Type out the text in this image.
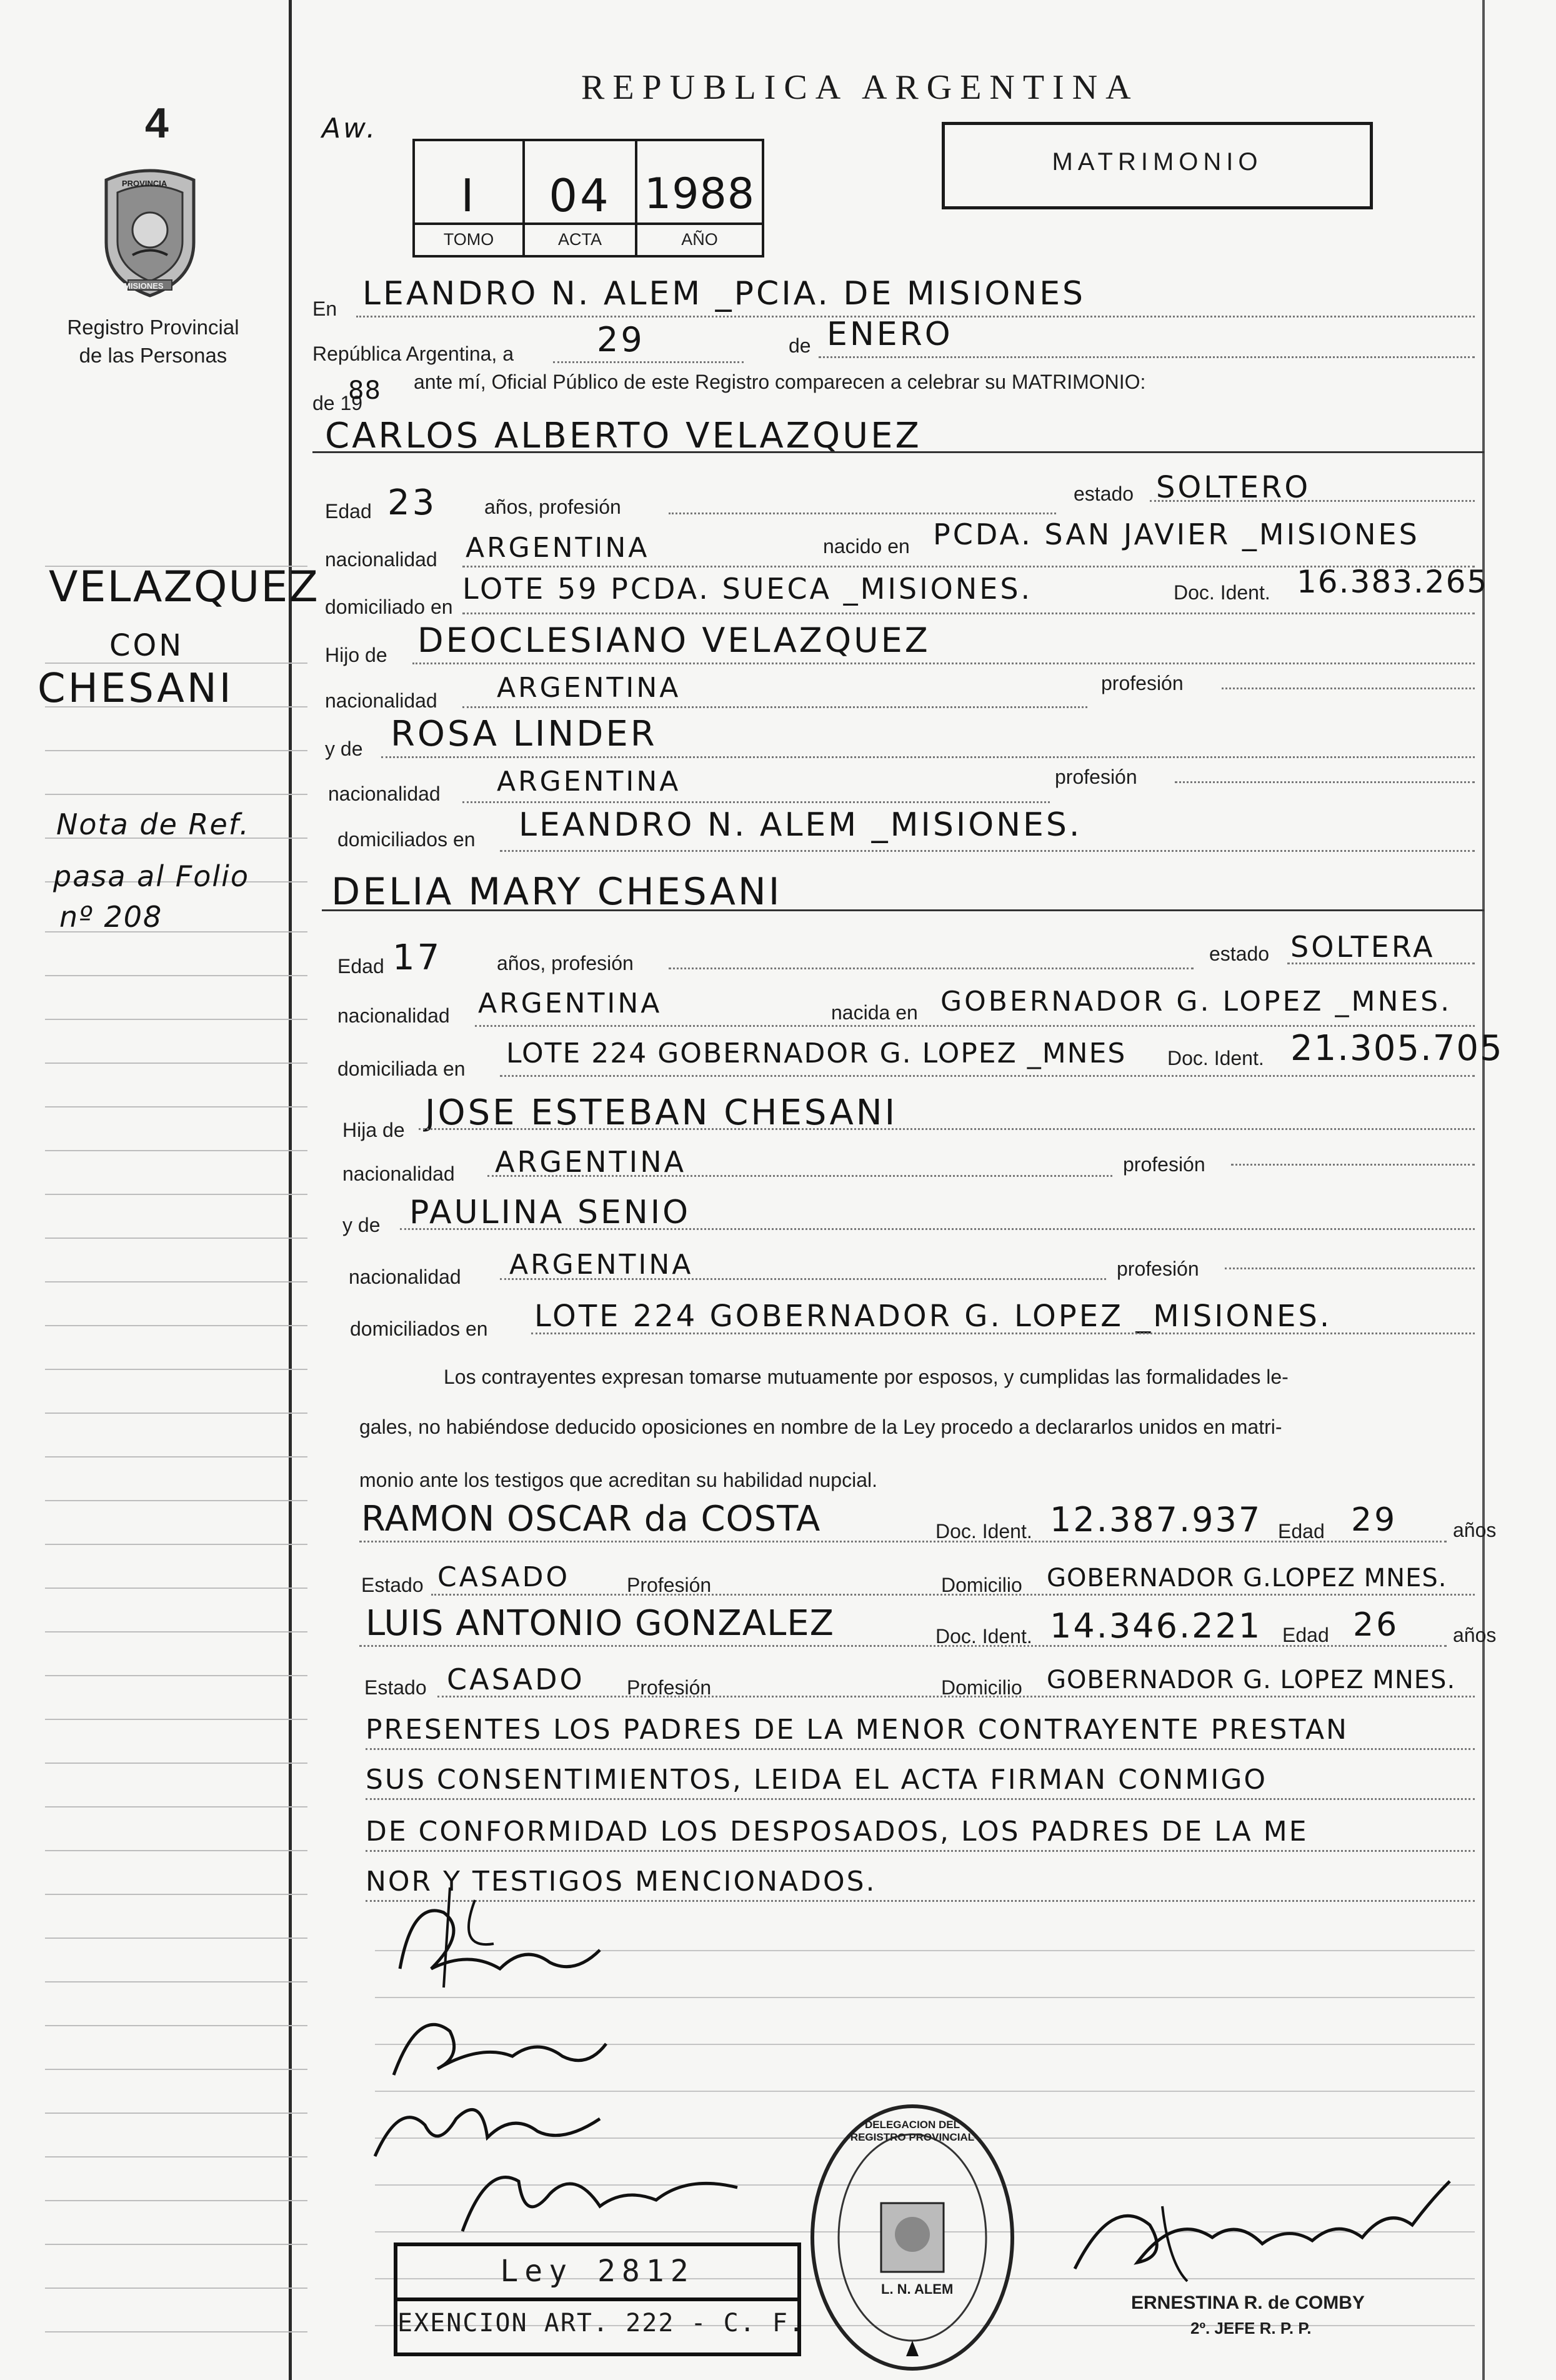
4
PROVINCIA
MISIONES
Registro Provincial
de las Personas
VELAZQUEZ
CON
CHESANI
Nota de Ref.
pasa al Folio
nº 208
Aw.
REPUBLICA ARGENTINA
MATRIMONIO
I	04 1988
TOMO	ACTA	AÑO
En LEANDRO N. ALEM _PCIA. DE MISIONES
República Argentina, a 29	de ENERO
de 19
88 ante mí, Oficial Público de este Registro comparecen a celebrar su MATRIMONIO:
CARLOS ALBERTO VELAZQUEZ
Edad 23 años, profesión
estado SOLTERO
nacionalidad ARGENTINA	nacido en PCDA. SAN JAVIER _MISIONES
domiciliado en
LOTE 59 PCDA. SUECA _MISIONES.	Doc. Ident. 16.383.265
Hijo de DEOCLESIANO VELAZQUEZ
nacionalidad ARGENTINA	profesión
y de ROSA LINDER
nacionalidad ARGENTINA	profesión
domiciliados en LEANDRO N. ALEM _MISIONES.
DELIA MARY CHESANI
Edad 17	años, profesión	estado SOLTERA
nacionalidad ARGENTINA	nacida en GOBERNADOR G. LOPEZ _MNES.
domiciliada en LOTE 224 GOBERNADOR G. LOPEZ _MNES Doc. Ident. 21.305.705
Hija de JOSE ESTEBAN CHESANI
nacionalidad ARGENTINA	profesión
y de PAULINA SENIO
nacionalidad ARGENTINA	profesión
domiciliados en LOTE 224 GOBERNADOR G. LOPEZ _MISIONES.
Los contrayentes expresan tomarse mutuamente por esposos, y cumplidas las formalidades le-
gales, no habiéndose deducido oposiciones en nombre de la Ley procedo a declararlos unidos en matri-
monio ante los testigos que acreditan su habilidad nupcial.
RAMON OSCAR da COSTA	Doc. Ident. 12.387.937 Edad 29	años
Estado CASADO	Profesión	Domicilio GOBERNADOR G.LOPEZ MNES.
LUIS ANTONIO GONZALEZ	Doc. Ident. 14.346.221 Edad 26	años
Estado CASADO Profesión	Domicilio GOBERNADOR G. LOPEZ MNES.
PRESENTES LOS PADRES DE LA MENOR CONTRAYENTE PRESTAN
SUS CONSENTIMIENTOS, LEIDA EL ACTA FIRMAN CONMIGO
DE CONFORMIDAD LOS DESPOSADOS, LOS PADRES DE LA ME
NOR Y TESTIGOS MENCIONADOS.
Ley 2812
EXENCION ART. 222 - C. F.
DELEGACION DEL REGISTRO PROVINCIAL
L. N. ALEM
ERNESTINA R. de COMBY
2º. JEFE R. P. P.
